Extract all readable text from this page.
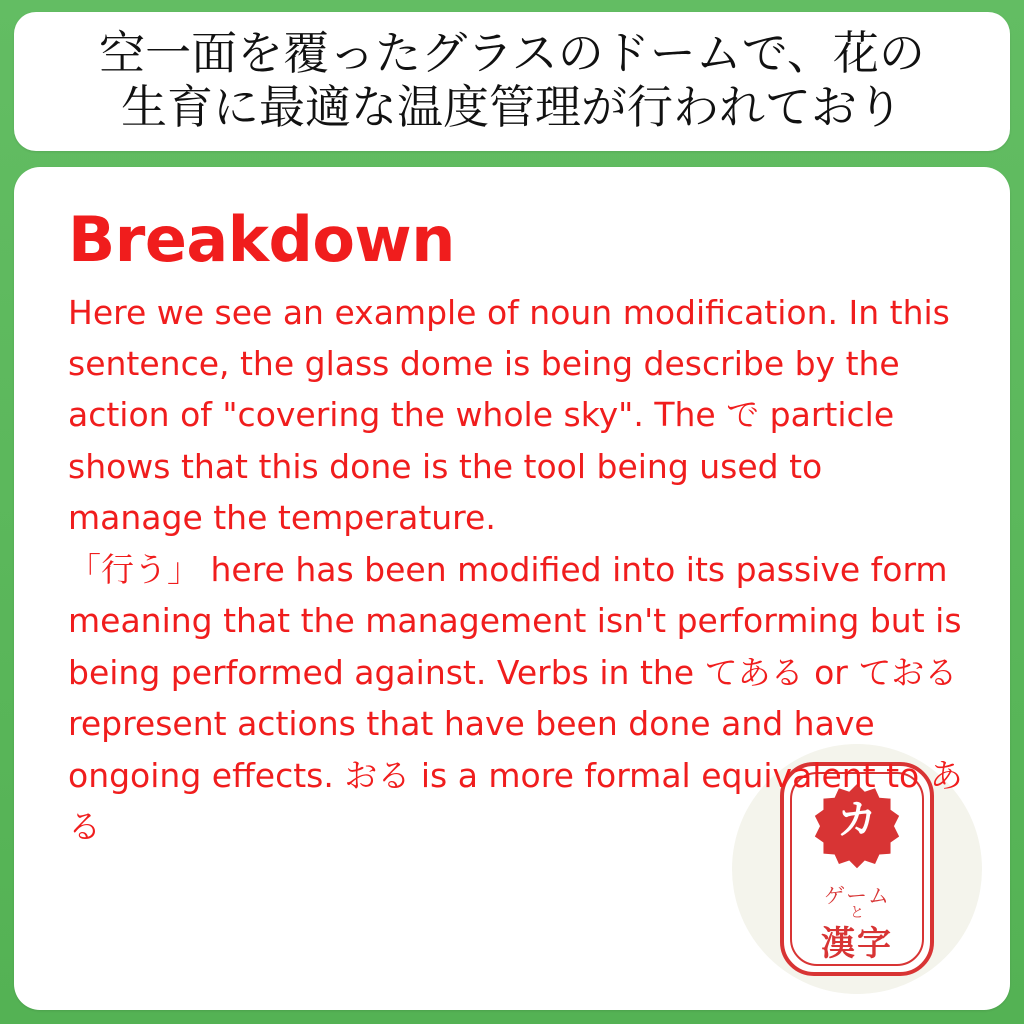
空一面を覆ったグラスのドームで、花の
生育に最適な温度管理が行われており
Breakdown

Here we see an example of noun modification. In this sentence, the glass dome is being describe by the action of "covering the whole sky". The で particle shows that this done is the tool being used to manage the temperature.

「行う」 here has been modified into its passive form meaning that the management isn't performing but is being performed against. Verbs in the てある or ておる represent actions that have been done and have ongoing effects. おる is a more formal equivalent to ある	カ
ゲーム
と
漢字
